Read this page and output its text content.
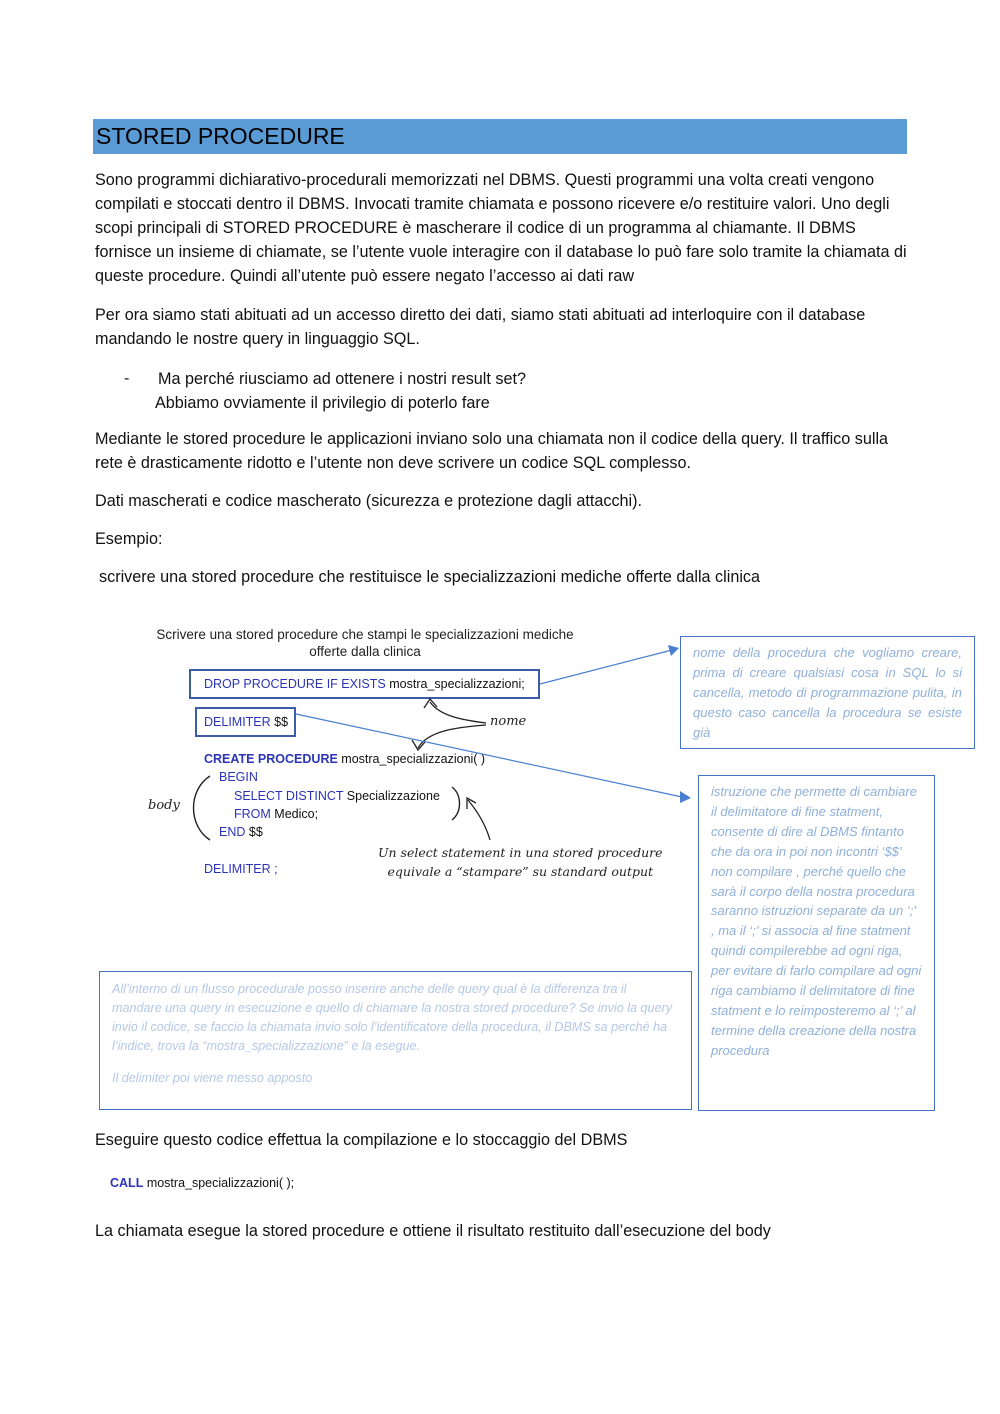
STORED PROCEDURE

Sono programmi dichiarativo-procedurali memorizzati nel DBMS. Questi programmi una volta creati vengono compilati e stoccati dentro il DBMS. Invocati tramite chiamata e possono ricevere e/o restituire valori. Uno degli scopi principali di STORED PROCEDURE è mascherare il codice di un programma al chiamante. Il DBMS fornisce un insieme di chiamate, se l’utente vuole interagire con il database lo può fare solo tramite la chiamata di queste procedure. Quindi all’utente può essere negato l’accesso ai dati raw

Per ora siamo stati abituati ad un accesso diretto dei dati, siamo stati abituati ad interloquire con il database mandando le nostre query in linguaggio SQL.

- Ma perché riusciamo ad ottenere i nostri result set?
Abbiamo ovviamente il privilegio di poterlo fare

Mediante le stored procedure le applicazioni inviano solo una chiamata non il codice della query. Il traffico sulla rete è drasticamente ridotto e l’utente non deve scrivere un codice SQL complesso.

Dati mascherati e codice mascherato (sicurezza e protezione dagli attacchi).

Esempio:

scrivere una stored procedure che restituisce le specializzazioni mediche offerte dalla clinica

Scrivere una stored procedure che stampi le specializzazioni mediche
offerte dalla clinica
DROP PROCEDURE IF EXISTS mostra_specializzazioni;
DELIMITER $$
CREATE PROCEDURE mostra_specializzazioni( )
BEGIN
SELECT DISTINCT Specializzazione
FROM Medico;
END $$
DELIMITER ;
nome
body
Un select statement in una stored procedure
equivale a “stampare” su standard output

nome della procedura che vogliamo creare, prima di creare qualsiasi cosa in SQL lo si cancella, metodo di programmazione pulita, in questo caso cancella la procedura se esiste già

istruzione che permette di cambiare il delimitatore di fine statment, consente di dire al DBMS fintanto che da ora in poi non incontri ‘$$’ non compilare , perché quello che sarà il corpo della nostra procedura saranno istruzioni separate da un ‘;’ , ma il ‘;’ si associa al fine statment quindi compilerebbe ad ogni riga, per evitare di farlo compilare ad ogni riga cambiamo il delimitatore di fine statment e lo reimposteremo al ‘;’ al termine della creazione della nostra procedura

All’interno di un flusso procedurale posso inserire anche delle query qual è la differenza tra il mandare una query in esecuzione e quello di chiamare la nostra stored procedure? Se invio la query invio il codice, se faccio la chiamata invio solo l’identificatore della procedura, il DBMS sa perché ha l’indice, trova la “mostra_specializzazione” e la esegue.

Il delimiter poi viene messo apposto

Eseguire questo codice effettua la compilazione e lo stoccaggio del DBMS

CALL mostra_specializzazioni( );

La chiamata esegue la stored procedure e ottiene il risultato restituito dall’esecuzione del body
